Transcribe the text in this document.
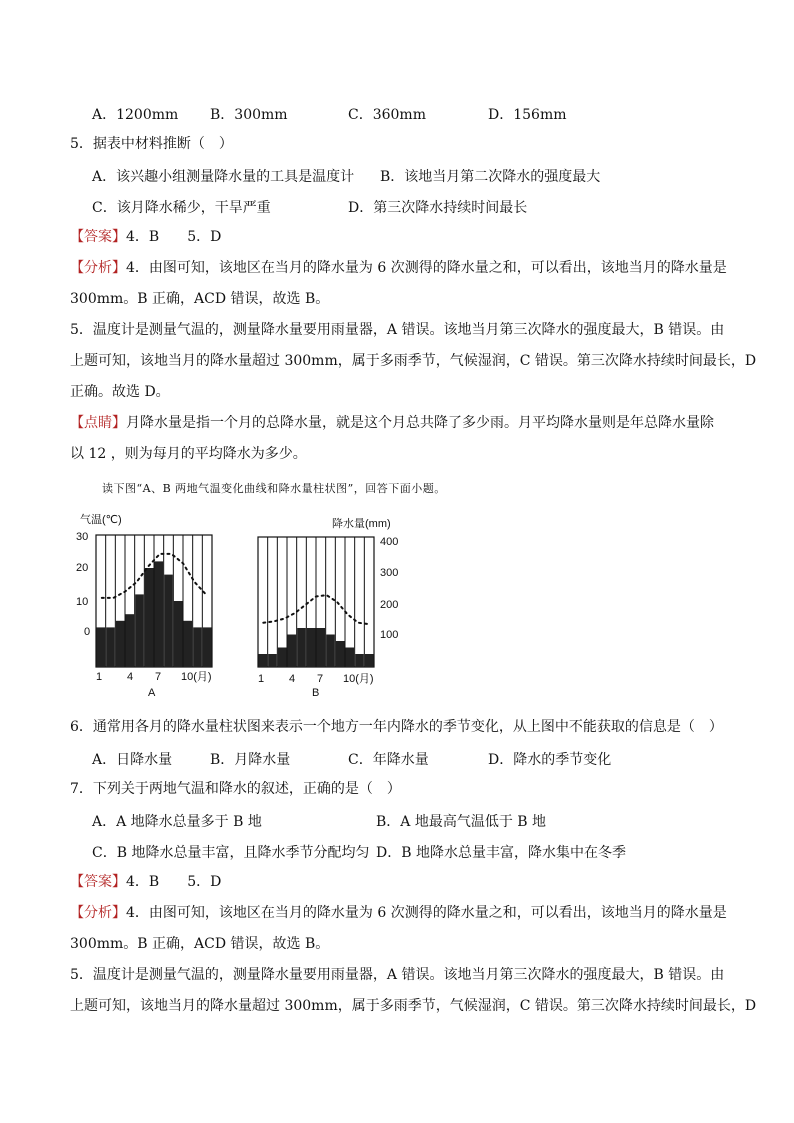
A．1200mm B．300mm	C．360mm	D．156mm
5．据表中材料推断（　）
A．该兴趣小组测量降水量的工具是温度计 B．该地当月第二次降水的强度最大
C．该月降水稀少，干旱严重	D．第三次降水持续时间最长
【答案】4．B　　5．D
【分析】4．由图可知，该地区在当月的降水量为 6 次测得的降水量之和，可以看出，该地当月的降水量是
300mm。B 正确，ACD 错误，故选 B。
5．温度计是测量气温的，测量降水量要用雨量器，A 错误。该地当月第三次降水的强度最大，B 错误。由
上题可知，该地当月的降水量超过 300mm，属于多雨季节，气候湿润，C 错误。第三次降水持续时间最长，D
正确。故选 D。
【点睛】月降水量是指一个月的总降水量，就是这个月总共降了多少雨。月平均降水量则是年总降水量除
以 12 ，则为每月的平均降水为多少。
读下图“A、B 两地气温变化曲线和降水量柱状图”，回答下面小题。
气温(℃)
30
20
10
0
1 4 7 10(月)
A
降水量(mm)
400
300
200
100
1 4 7 10(月)
B
6．通常用各月的降水量柱状图来表示一个地方一年内降水的季节变化，从上图中不能获取的信息是（　）
A．日降水量	B．月降水量	C．年降水量	D．降水的季节变化
7．下列关于两地气温和降水的叙述，正确的是（　）
A．A 地降水总量多于 B 地	B．A 地最高气温低于 B 地
C．B 地降水总量丰富，且降水季节分配均匀 D．B 地降水总量丰富，降水集中在冬季
【答案】4．B　　5．D
【分析】4．由图可知，该地区在当月的降水量为 6 次测得的降水量之和，可以看出，该地当月的降水量是
300mm。B 正确，ACD 错误，故选 B。
5．温度计是测量气温的，测量降水量要用雨量器，A 错误。该地当月第三次降水的强度最大，B 错误。由
上题可知，该地当月的降水量超过 300mm，属于多雨季节，气候湿润，C 错误。第三次降水持续时间最长，D
